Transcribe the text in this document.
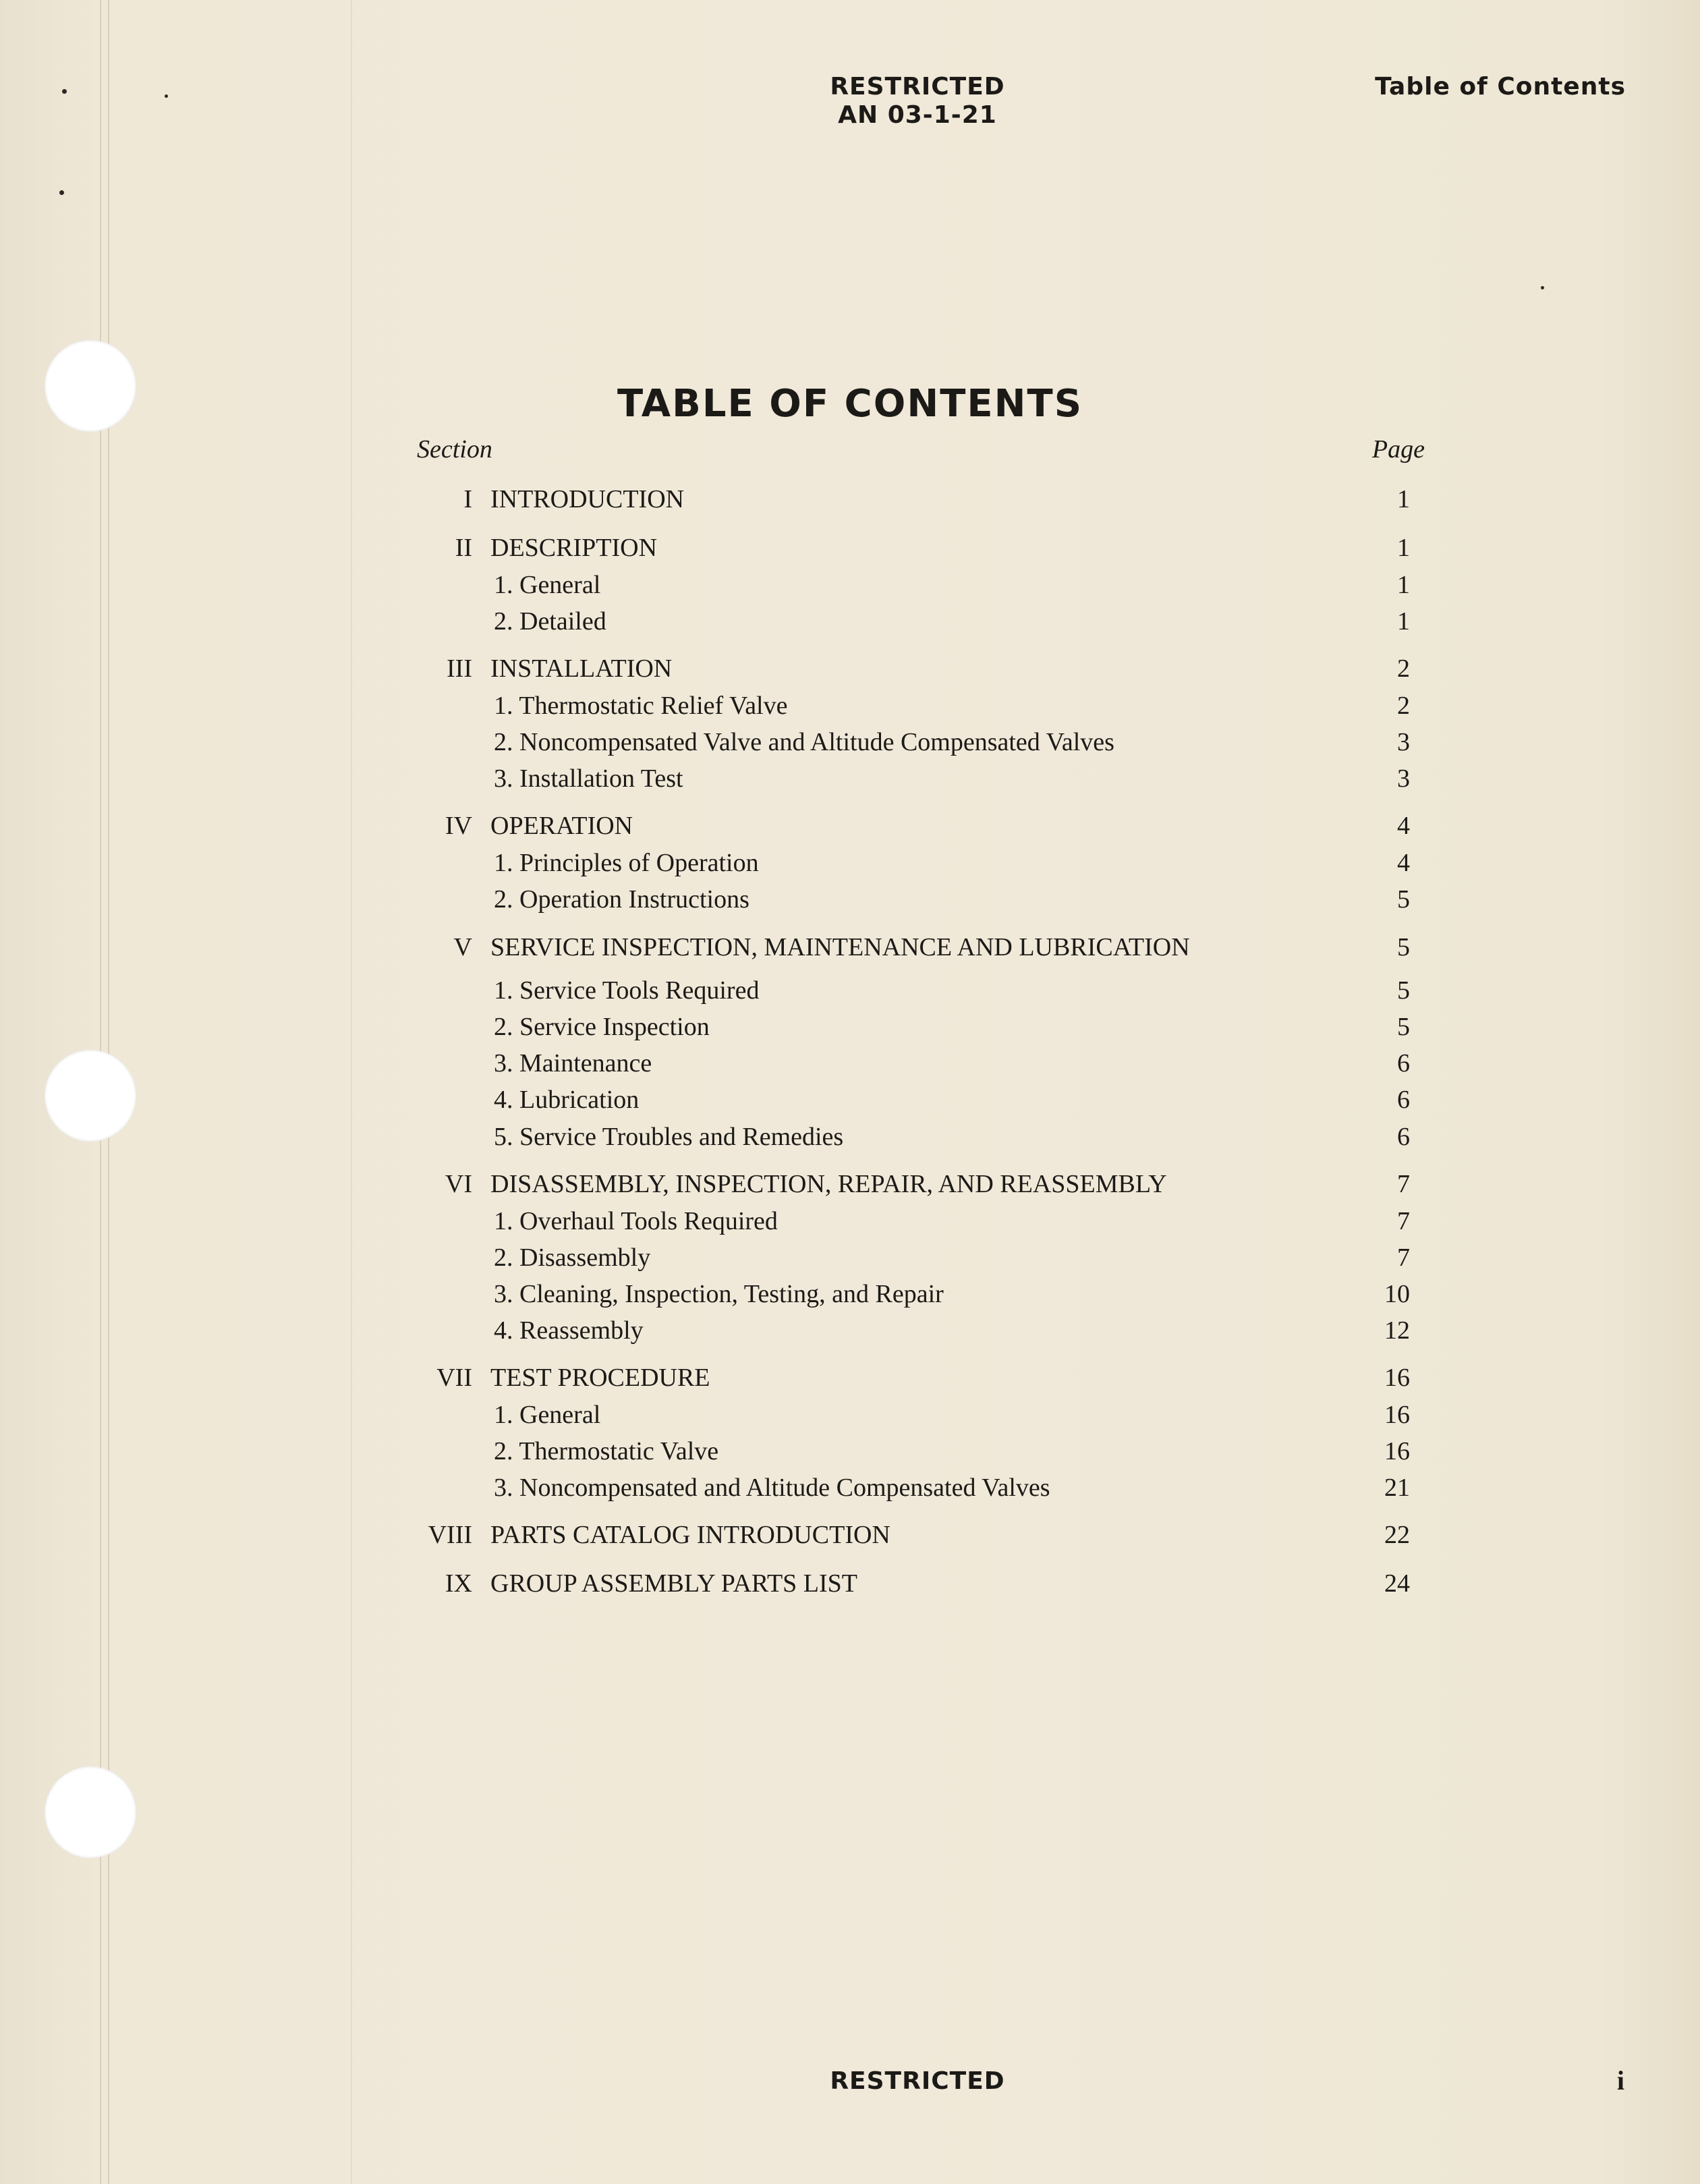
RESTRICTED
AN 03-1-21
Table of Contents
TABLE OF CONTENTS
Section	Page
I INTRODUCTION	1
II DESCRIPTION	1
1. General	1
2. Detailed	1
III INSTALLATION	2
1. Thermostatic Relief Valve	2
2. Noncompensated Valve and Altitude Compensated Valves	3
3. Installation Test	3
IV OPERATION	4
1. Principles of Operation	4
2. Operation Instructions	5
V SERVICE INSPECTION, MAINTENANCE AND LUBRICATION	5
1. Service Tools Required	5
2. Service Inspection	5
3. Maintenance	6
4. Lubrication	6
5. Service Troubles and Remedies	6
VI DISASSEMBLY, INSPECTION, REPAIR, AND REASSEMBLY	7
1. Overhaul Tools Required	7
2. Disassembly	7
3. Cleaning, Inspection, Testing, and Repair	10
4. Reassembly	12
VII TEST PROCEDURE	16
1. General	16
2. Thermostatic Valve	16
3. Noncompensated and Altitude Compensated Valves	21
VIII PARTS CATALOG INTRODUCTION	22
IX GROUP ASSEMBLY PARTS LIST	24
RESTRICTED	i
